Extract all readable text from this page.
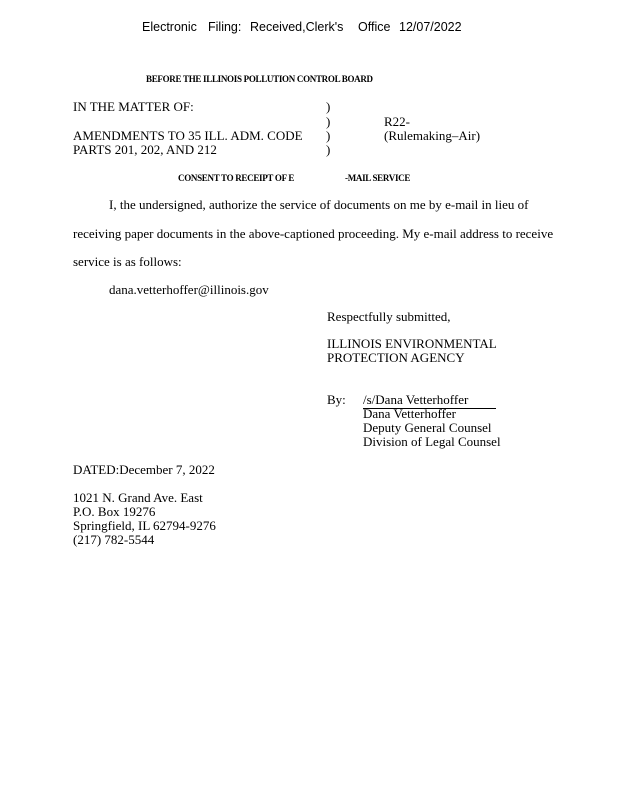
Electronic Filing: Received,Clerk's Office 12/07/2022
BEFORE THE ILLINOIS POLLUTION CONTROL BOARD
IN THE MATTER OF:
AMENDMENTS TO 35 ILL. ADM. CODE
PARTS 201, 202, AND 212
)
)
)
)
R22-
(Rulemaking–Air)
CONSENT TO RECEIPT OF E	-MAIL SERVICE
I, the undersigned, authorize the service of documents on me by e-mail in lieu of
receiving paper documents in the above-captioned proceeding. My e-mail address to receive
service is as follows:
dana.vetterhoffer@illinois.gov
Respectfully submitted,
ILLINOIS ENVIRONMENTAL
PROTECTION AGENCY
By: /s/Dana Vetterhoffer
Dana Vetterhoffer
Deputy General Counsel
Division of Legal Counsel
DATED:December 7, 2022
1021 N. Grand Ave. East
P.O. Box 19276
Springfield, IL 62794-9276
(217) 782-5544
